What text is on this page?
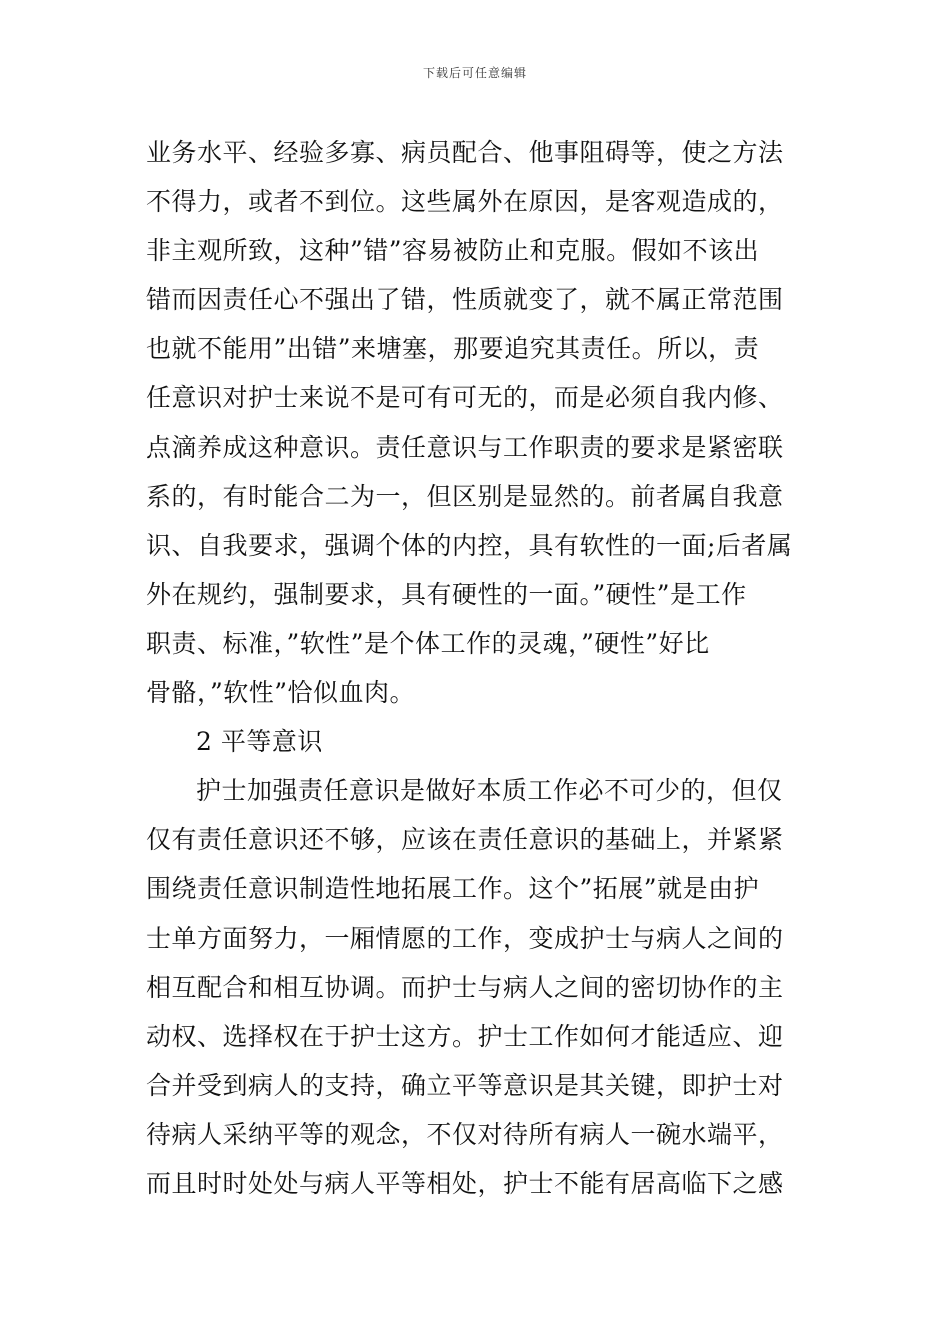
下载后可任意编辑
业务水平、经验多寡、病员配合、他事阻碍等，使之方法
不得力，或者不到位。这些属外在原因，是客观造成的，
非主观所致，这种”错”容易被防止和克服。假如不该出
错而因责任心不强出了错，性质就变了，就不属正常范围
也就不能用”出错”来塘塞，那要追究其责任。所以，责
任意识对护士来说不是可有可无的，而是必须自我内修、
点滴养成这种意识。责任意识与工作职责的要求是紧密联
系的，有时能合二为一，但区别是显然的。前者属自我意
识、自我要求，强调个体的内控，具有软性的一面;后者属
外在规约，强制要求，具有硬性的一面。”硬性”是工作
职责、标准，”软性”是个体工作的灵魂，”硬性”好比
骨骼，”软性”恰似血肉。
2 平等意识
护士加强责任意识是做好本质工作必不可少的，但仅
仅有责任意识还不够，应该在责任意识的基础上，并紧紧
围绕责任意识制造性地拓展工作。这个”拓展”就是由护
士单方面努力，一厢情愿的工作，变成护士与病人之间的
相互配合和相互协调。而护士与病人之间的密切协作的主
动权、选择权在于护士这方。护士工作如何才能适应、迎
合并受到病人的支持，确立平等意识是其关键，即护士对
待病人采纳平等的观念，不仅对待所有病人一碗水端平，
而且时时处处与病人平等相处，护士不能有居高临下之感
